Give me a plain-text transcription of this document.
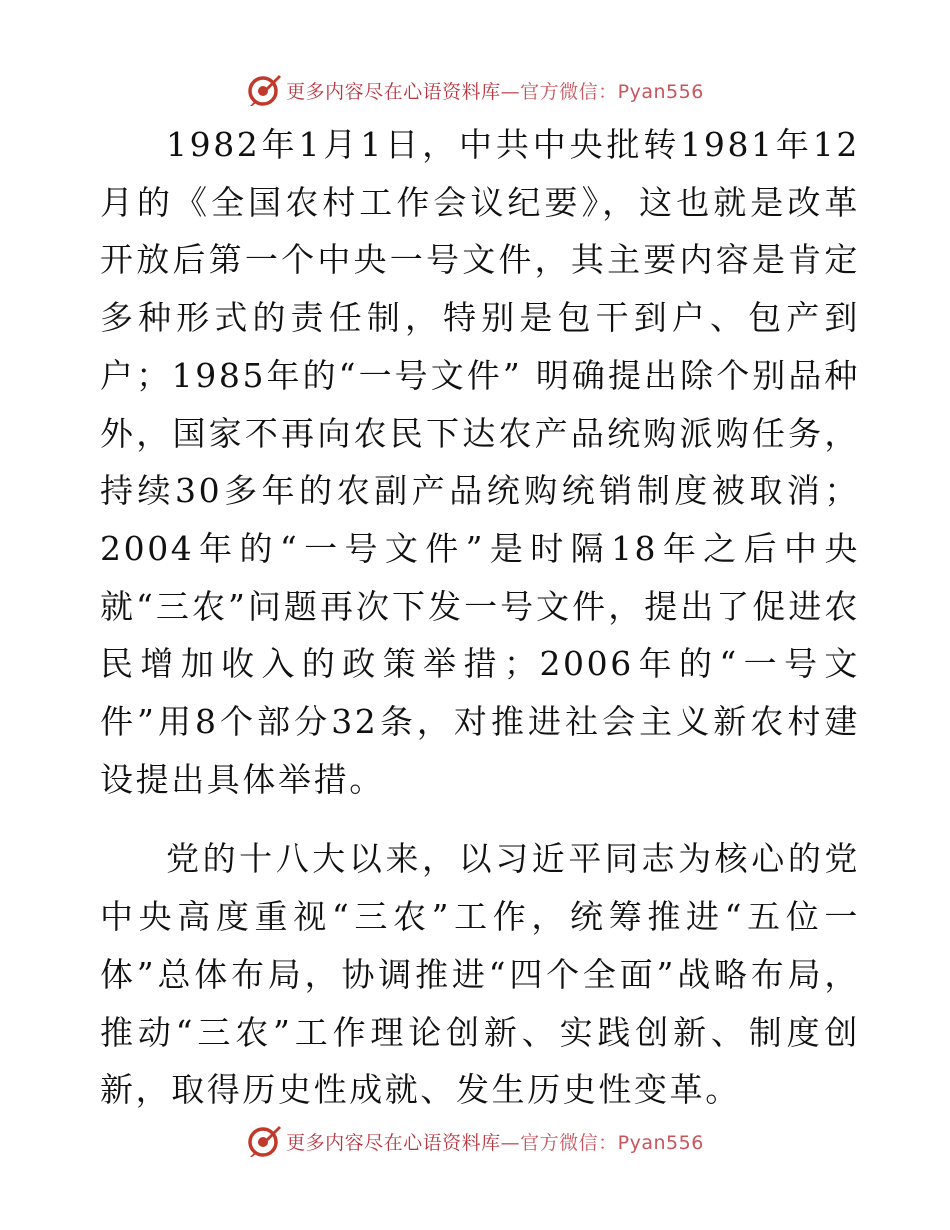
更多内容尽在心语资料库—官方微信：Pyan556

1982年1月1日，中共中央批转1981年12月的《全国农村工作会议纪要》，这也就是改革开放后第一个中央一号文件，其主要内容是肯定多种形式的责任制，特别是包干到户、包产到户；1985年的“一号文件” 明确提出除个别品种外，国家不再向农民下达农产品统购派购任务，持续30多年的农副产品统购统销制度被取消；2004年的“一号文件”是时隔18年之后中央就“三农”问题再次下发一号文件，提出了促进农民增加收入的政策举措；2006年的“一号文件”用8个部分32条，对推进社会主义新农村建设提出具体举措。

党的十八大以来，以习近平同志为核心的党中央高度重视“三农”工作，统筹推进“五位一体”总体布局，协调推进“四个全面”战略布局，推动“三农”工作理论创新、实践创新、制度创新，取得历史性成就、发生历史性变革。

更多内容尽在心语资料库—官方微信：Pyan556
